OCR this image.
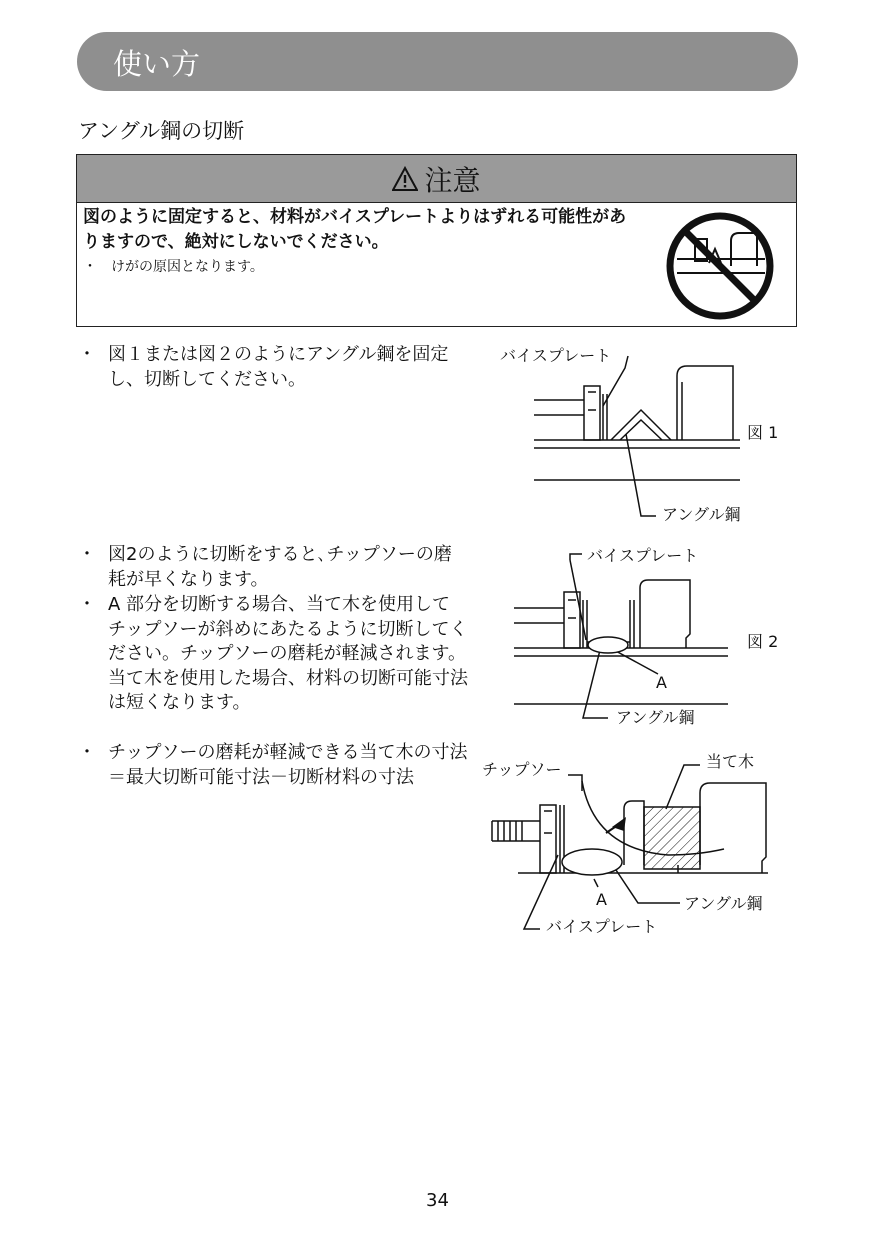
使い方
アングル鋼の切断
注意
図のように固定すると、材料がバイスプレートよりはずれる可能性がありますので、絶対にしないでください。
・ けがの原因となります。
・ 図１または図２のようにアングル鋼を固定し、切断してください。
・ 図2のように切断をすると､チップソーの磨耗が早くなります。
・ A 部分を切断する場合、当て木を使用してチップソーが斜めにあたるように切断してください。チップソーの磨耗が軽減されます。当て木を使用した場合、材料の切断可能寸法は短くなります。
・ チップソーの磨耗が軽減できる当て木の寸法＝最大切断可能寸法－切断材料の寸法
バイスプレート
アングル鋼
図 1
バイスプレート
A
アングル鋼
図 2
チップソー	当て木
A	アングル鋼
バイスプレート
34
